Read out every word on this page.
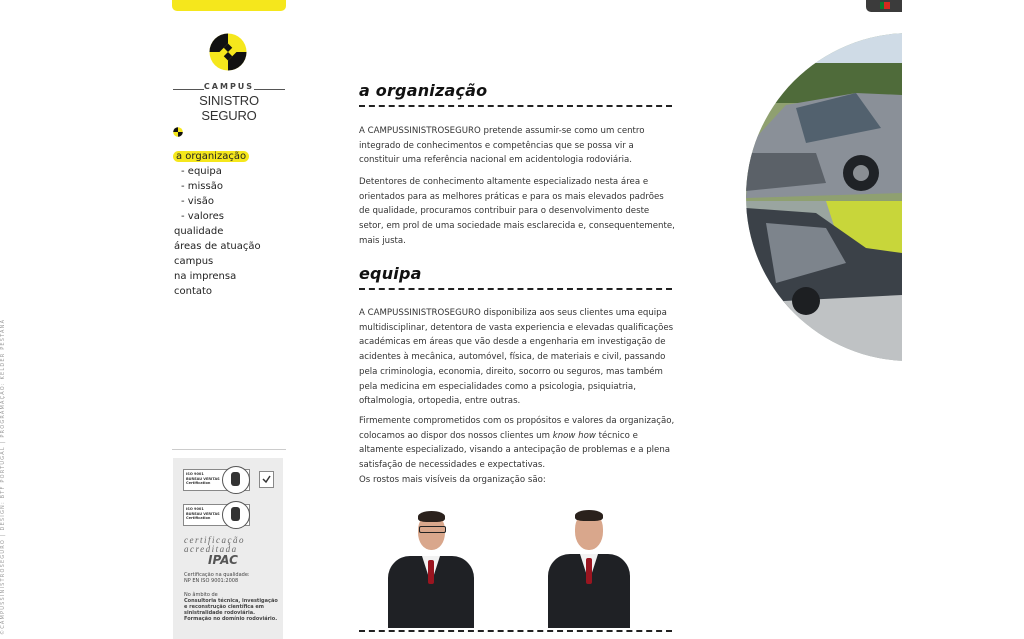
©CAMPUSSINISTROSEGURO | DESIGN: BTF PORTUGAL | PROGRAMAÇÃO: KELDER PESTANA
CAMPUS
SINISTRO SEGURO
a organização
- equipa
- missão
- visão
- valores
qualidade
áreas de atuação
campus
na imprensa
contato
ISO 9001
BUREAU VERITAS
Certification
ISO 9001
BUREAU VERITAS
Certification
certificação
acreditada
IPAC
Certificação na qualidade:
NP EN ISO 9001:2008
No âmbito de
Consultoria técnica, investigação e reconstrução científica em sinistralidade rodoviária.
Formação no domínio rodoviário.
a organização
A CAMPUSSINISTROSEGURO pretende assumir-se como um centro integrado de conhecimentos e competências que se possa vir a constituir uma referência nacional em acidentologia rodoviária.
Detentores de conhecimento altamente especializado nesta área e orientados para as melhores práticas e para os mais elevados padrões de qualidade, procuramos contribuir para o desenvolvimento deste setor, em prol de uma sociedade mais esclarecida e, consequentemente, mais justa.
equipa
A CAMPUSSINISTROSEGURO disponibiliza aos seus clientes uma equipa multidisciplinar, detentora de vasta experiencia e elevadas qualificações académicas em áreas que vão desde a engenharia em investigação de acidentes à mecânica, automóvel, física, de materiais e civil, passando pela criminologia, economia, direito, socorro ou seguros, mas também pela medicina em especialidades como a psicologia, psiquiatria, oftalmologia, ortopedia, entre outras.
Firmemente comprometidos com os propósitos e valores da organização, colocamos ao dispor dos nossos clientes um know how técnico e altamente especializado, visando a antecipação de problemas e a plena satisfação de necessidades e expectativas.
Os rostos mais visíveis da organização são:
